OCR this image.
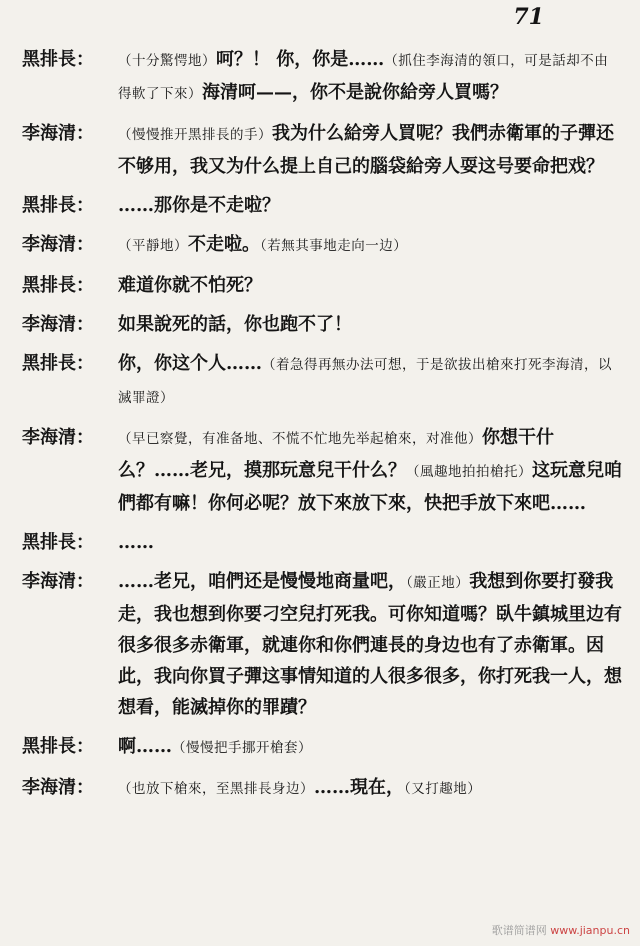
71
黑排長：	（十分驚愕地）呵？！ 你，你是……（抓住李海清的領口，可是話却不由得軟了下來）海清呵——，你不是說你給旁人買嗎？
李海清：	（慢慢推开黑排長的手）我为什么給旁人買呢？我們赤衛軍的子彈还不够用，我又为什么提上自己的腦袋給旁人耍这号要命把戏？
黑排長：	……那你是不走啦？
李海清：	（平靜地）不走啦。（若無其事地走向一边）
黑排長：	难道你就不怕死？
李海清：	如果說死的話，你也跑不了！
黑排長：	你，你这个人……（着急得再無办法可想，于是欲拔出槍來打死李海清，以滅罪證）
李海清：	（早已察覺，有准备地、不慌不忙地先举起槍來，对准他）你想干什么？……老兄，摸那玩意兒干什么？（風趣地拍拍槍托）这玩意兒咱們都有嘛！你何必呢？放下來放下來，快把手放下來吧……
黑排長：	……
李海清：	……老兄，咱們还是慢慢地商量吧，（嚴正地）我想到你要打發我走，我也想到你要刁空兒打死我。可你知道嗎？臥牛鎮城里边有很多很多赤衛軍，就連你和你們連長的身边也有了赤衛軍。因此，我向你買子彈这事情知道的人很多很多，你打死我一人，想想看，能滅掉你的罪蹟？
黑排長：	啊……（慢慢把手挪开槍套）
李海清：	（也放下槍來，至黑排長身边）……現在，（又打趣地）
歌谱简谱网 www.jianpu.cn
